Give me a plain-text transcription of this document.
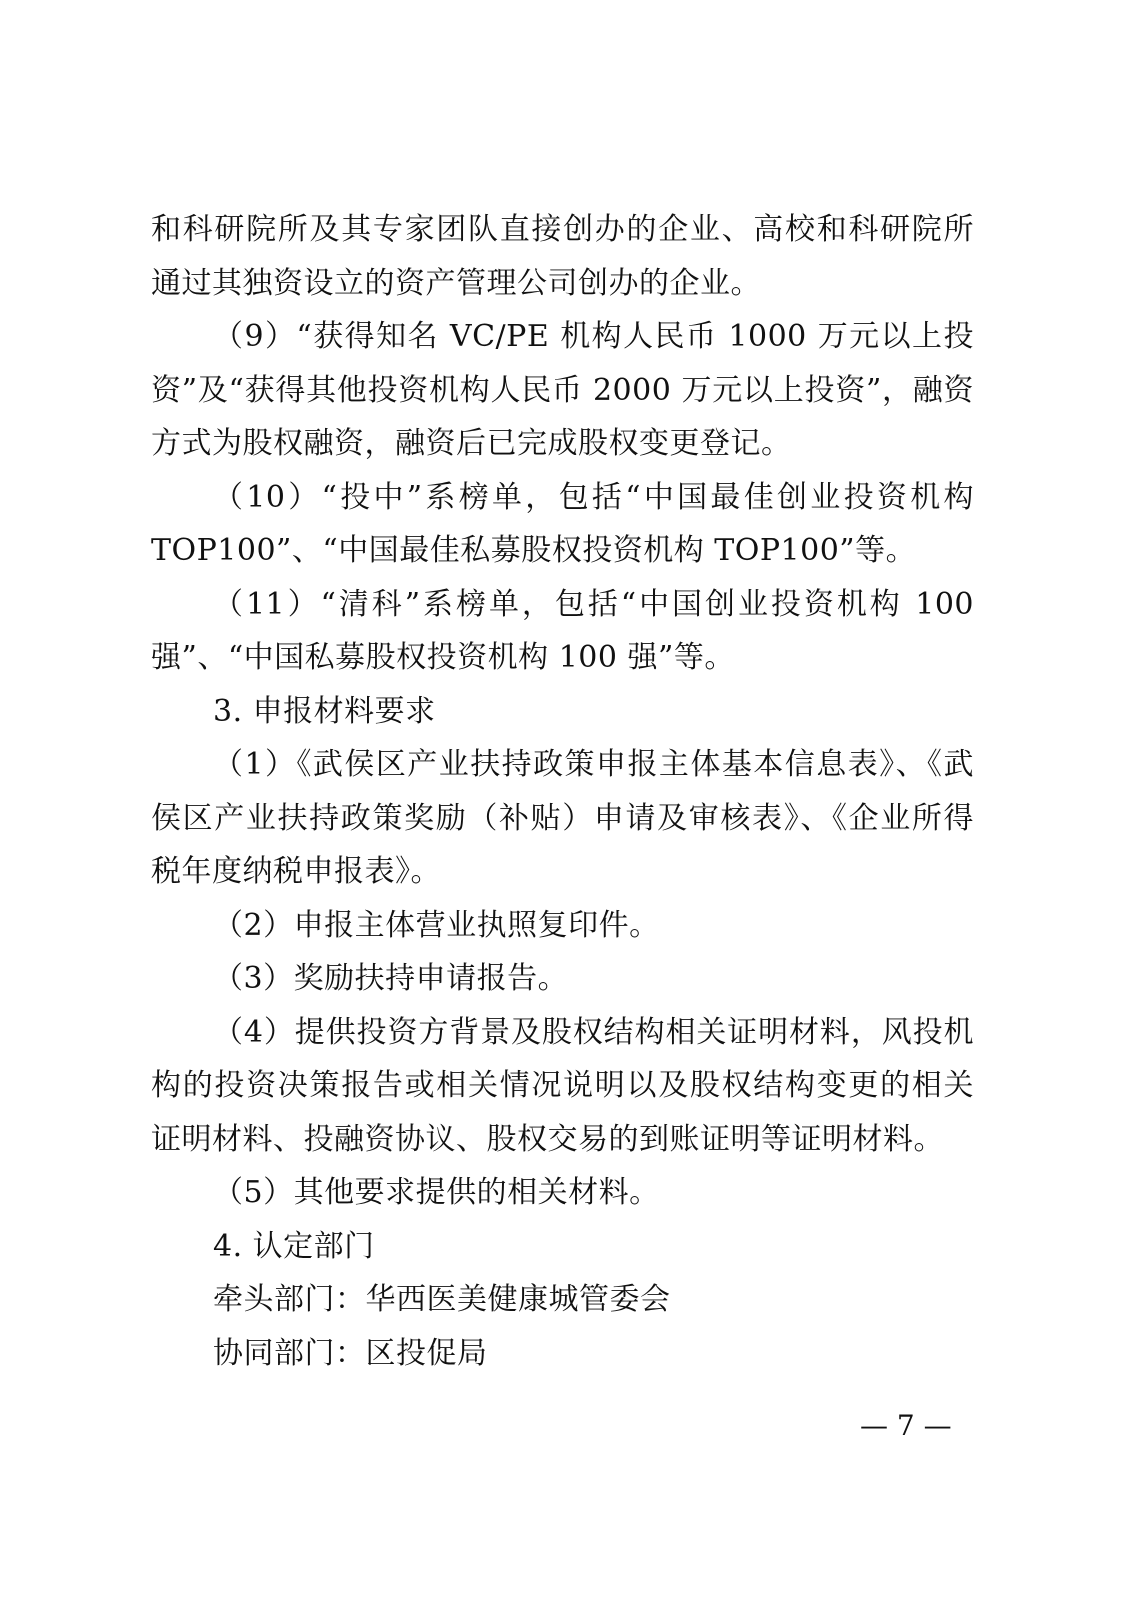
和科研院所及其专家团队直接创办的企业、高校和科研院所通过其独资设立的资产管理公司创办的企业。

（9）“获得知名 VC/PE 机构人民币 1000 万元以上投资”及“获得其他投资机构人民币 2000 万元以上投资”，融资方式为股权融资，融资后已完成股权变更登记。

（10）“投中”系榜单，包括“中国最佳创业投资机构TOP100”、“中国最佳私募股权投资机构 TOP100”等。

（11）“清科”系榜单，包括“中国创业投资机构 100 强”、“中国私募股权投资机构 100 强”等。

3. 申报材料要求

（1）《武侯区产业扶持政策申报主体基本信息表》、《武侯区产业扶持政策奖励（补贴）申请及审核表》、《企业所得税年度纳税申报表》。

（2）申报主体营业执照复印件。

（3）奖励扶持申请报告。

（4）提供投资方背景及股权结构相关证明材料，风投机构的投资决策报告或相关情况说明以及股权结构变更的相关证明材料、投融资协议、股权交易的到账证明等证明材料。

（5）其他要求提供的相关材料。

4. 认定部门

牵头部门：华西医美健康城管委会

协同部门：区投促局

— 7 —
